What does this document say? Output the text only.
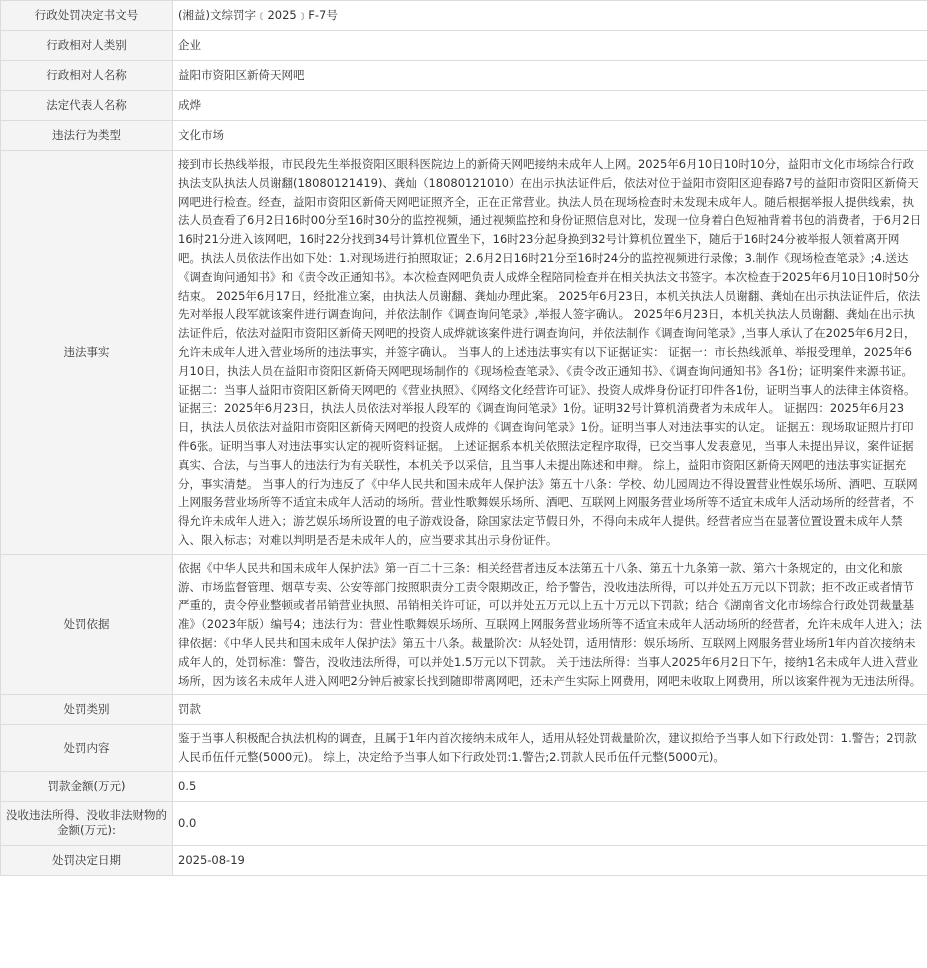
行政处罚决定书文号	(湘益)文综罚字﹝2025﹞F-7号
行政相对人类别	企业
行政相对人名称	益阳市资阳区新倚天网吧
法定代表人名称	成烨
违法行为类型	文化市场
违法事实	接到市长热线举报，市民段先生举报资阳区眼科医院边上的新倚天网吧接纳未成年人上网。2025年6月10日10时10分，益阳市文化市场综合行政执法支队执法人员谢翻(18080121419)、龚灿（18080121010）在出示执法证件后，依法对位于益阳市资阳区迎春路7号的益阳市资阳区新倚天网吧进行检查。经查，益阳市资阳区新倚天网吧证照齐全，正在正常营业。执法人员在现场检查时未发现未成年人。随后根据举报人提供线索，执法人员查看了6月2日16时00分至16时30分的监控视频，通过视频监控和身份证照信息对比，发现一位身着白色短袖背着书包的消费者，于6月2日16时21分进入该网吧，16时22分找到34号计算机位置坐下，16时23分起身换到32号计算机位置坐下，随后于16时24分被举报人领着离开网吧。执法人员依法作出如下处：1.对现场进行拍照取证；2.6月2日16时21分至16时24分的监控视频进行录像；3.制作《现场检查笔录》;4.送达《调查询问通知书》和《责令改正通知书》。本次检查网吧负责人成烨全程陪同检查并在相关执法文书签字。本次检查于2025年6月10日10时50分结束。 2025年6月17日，经批准立案，由执法人员谢翻、龚灿办理此案。 2025年6月23日，本机关执法人员谢翻、龚灿在出示执法证件后，依法先对举报人段军就该案件进行调查询问，并依法制作《调查询问笔录》,举报人签字确认。 2025年6月23日，本机关执法人员谢翻、龚灿在出示执法证件后，依法对益阳市资阳区新倚天网吧的投资人成烨就该案件进行调查询问，并依法制作《调查询问笔录》,当事人承认了在2025年6月2日，允许未成年人进入营业场所的违法事实，并签字确认。 当事人的上述违法事实有以下证据证实： 证据一：市长热线派单、举报受理单，2025年6月10日，执法人员在益阳市资阳区新倚天网吧现场制作的《现场检查笔录》、《责令改正通知书》、《调查询问通知书》各1份；证明案件来源书证。 证据二：当事人益阳市资阳区新倚天网吧的《营业执照》、《网络文化经营许可证》、投资人成烨身份证打印件各1份，证明当事人的法律主体资格。 证据三：2025年6月23日，执法人员依法对举报人段军的《调查询问笔录》1份。证明32号计算机消费者为未成年人。 证据四：2025年6月23日，执法人员依法对益阳市资阳区新倚天网吧的投资人成烨的《调查询问笔录》1份。证明当事人对违法事实的认定。 证据五：现场取证照片打印件6张。证明当事人对违法事实认定的视听资料证据。 上述证据系本机关依照法定程序取得，已交当事人发表意见，当事人未提出异议，案件证据真实、合法，与当事人的违法行为有关联性，本机关予以采信，且当事人未提出陈述和申辩。 综上，益阳市资阳区新倚天网吧的违法事实证据充分，事实清楚。 当事人的行为违反了《中华人民共和国未成年人保护法》第五十八条：学校、幼儿园周边不得设置营业性娱乐场所、酒吧、互联网上网服务营业场所等不适宜未成年人活动的场所。营业性歌舞娱乐场所、酒吧、互联网上网服务营业场所等不适宜未成年人活动场所的经营者，不得允许未成年人进入；游艺娱乐场所设置的电子游戏设备，除国家法定节假日外，不得向未成年人提供。经营者应当在显著位置设置未成年人禁入、限入标志；对难以判明是否是未成年人的，应当要求其出示身份证件。
处罚依据	依据《中华人民共和国未成年人保护法》第一百二十三条：相关经营者违反本法第五十八条、第五十九条第一款、第六十条规定的，由文化和旅游、市场监督管理、烟草专卖、公安等部门按照职责分工责令限期改正，给予警告，没收违法所得，可以并处五万元以下罚款；拒不改正或者情节严重的，责令停业整顿或者吊销营业执照、吊销相关许可证，可以并处五万元以上五十万元以下罚款；结合《湖南省文化市场综合行政处罚裁量基准》（2023年版）编号4；违法行为：营业性歌舞娱乐场所、互联网上网服务营业场所等不适宜未成年人活动场所的经营者，允许未成年人进入；法律依据：《中华人民共和国未成年人保护法》第五十八条。裁量阶次：从轻处罚，适用情形：娱乐场所、互联网上网服务营业场所1年内首次接纳未成年人的，处罚标准：警告，没收违法所得，可以并处1.5万元以下罚款。 关于违法所得：当事人2025年6月2日下午，接纳1名未成年人进入营业场所，因为该名未成年人进入网吧2分钟后被家长找到随即带离网吧，还未产生实际上网费用，网吧未收取上网费用，所以该案件视为无违法所得。
处罚类别	罚款
处罚内容	鉴于当事人积极配合执法机构的调查，且属于1年内首次接纳未成年人，适用从轻处罚裁量阶次，建议拟给予当事人如下行政处罚：1.警告；2罚款人民币伍仟元整(5000元)。 综上，决定给予当事人如下行政处罚:1.警告;2.罚款人民币伍仟元整(5000元)。
罚款金额(万元)	0.5
没收违法所得、没收非法财物的金额(万元):	0.0
处罚决定日期	2025-08-19
